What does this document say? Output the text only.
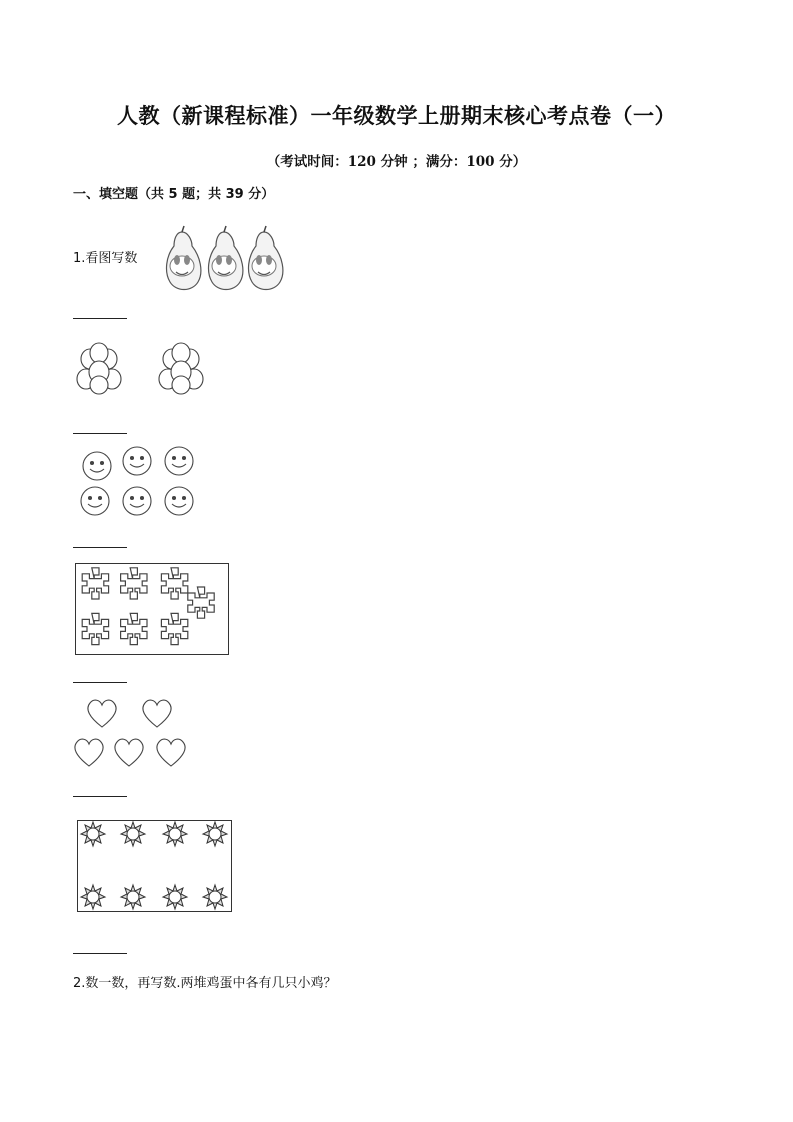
人教（新课程标准）一年级数学上册期末核心考点卷（一）
（考试时间：120 分钟 ；满分：100 分）
一、填空题（共 5 题；共 39 分）
1.看图写数
2.数一数，再写数.两堆鸡蛋中各有几只小鸡？
